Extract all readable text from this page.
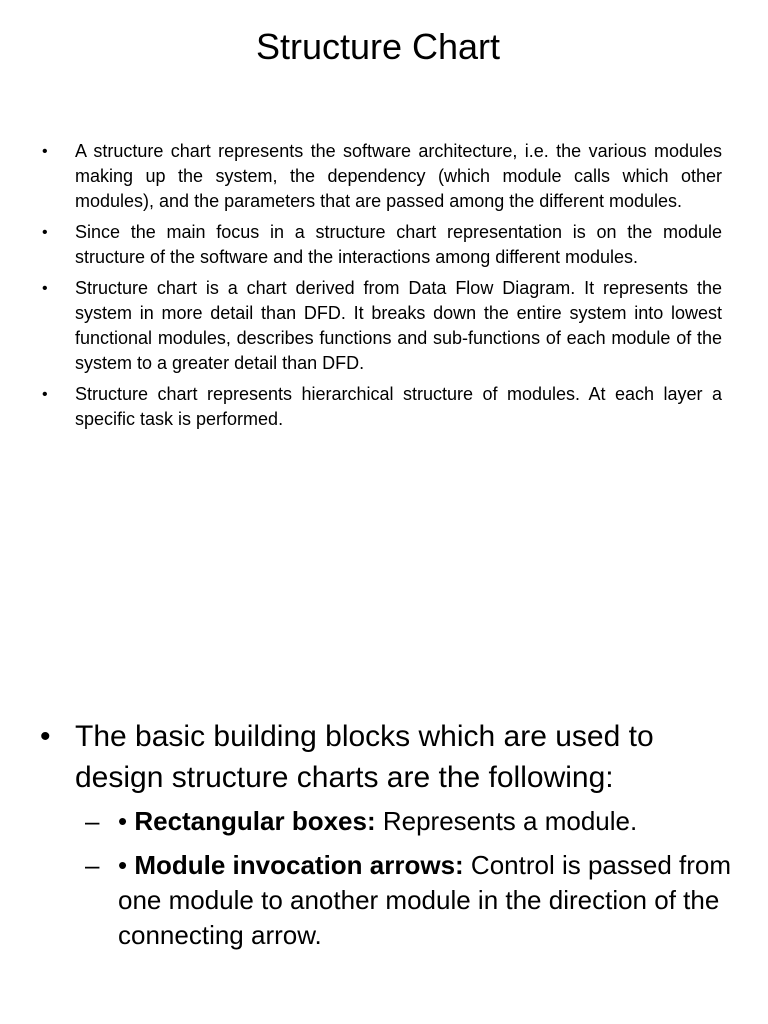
Structure Chart
• A structure chart represents the software architecture, i.e. the various modules making up the system, the dependency (which module calls which other modules), and the parameters that are passed among the different modules.
• Since the main focus in a structure chart representation is on the module structure of the software and the interactions among different modules.
• Structure chart is a chart derived from Data Flow Diagram. It represents the system in more detail than DFD. It breaks down the entire system into lowest functional modules, describes functions and sub-functions of each module of the system to a greater detail than DFD.
• Structure chart represents hierarchical structure of modules. At each layer a specific task is performed.
• The basic building blocks which are used to design structure charts are the following:
– • Rectangular boxes: Represents a module.
– • Module invocation arrows: Control is passed from one module to another module in the direction of the connecting arrow.
